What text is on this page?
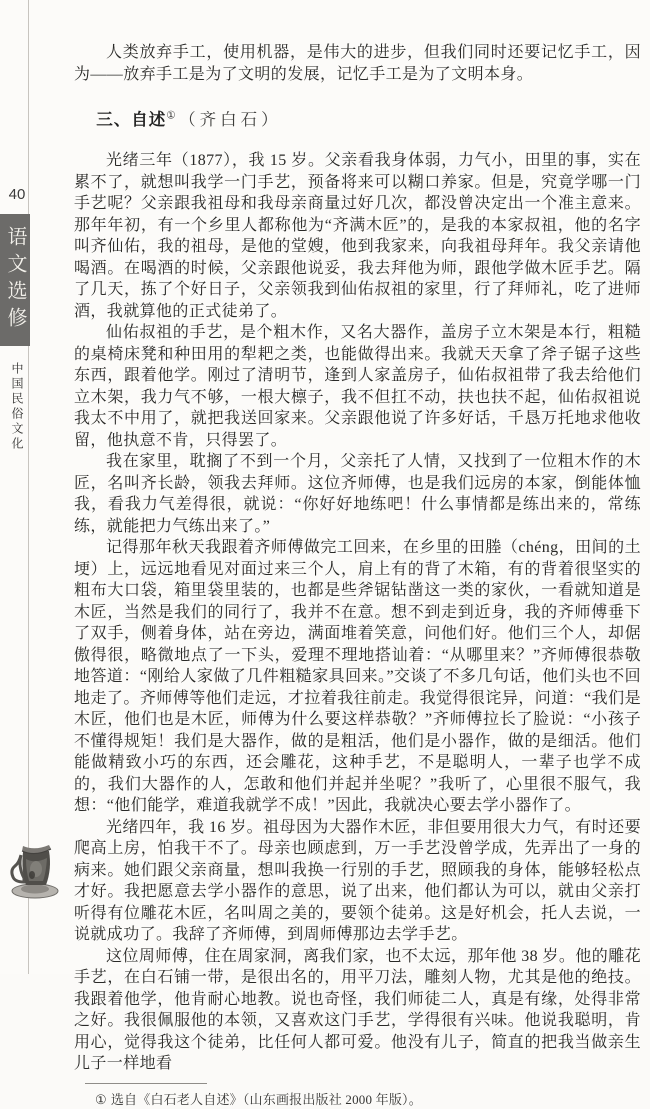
40
语文选修
中国民俗文化

人类放弃手工，使用机器，是伟大的进步，但我们同时还要记忆手工，因为——放弃手工是为了文明的发展，记忆手工是为了文明本身。

三、自述① （齐白石）

光绪三年（1877），我 15 岁。父亲看我身体弱，力气小，田里的事，实在累不了，就想叫我学一门手艺，预备将来可以糊口养家。但是，究竟学哪一门手艺呢？父亲跟我祖母和我母亲商量过好几次，都没曾决定出一个准主意来。那年年初，有一个乡里人都称他为“齐满木匠”的，是我的本家叔祖，他的名字叫齐仙佑，我的祖母，是他的堂嫂，他到我家来，向我祖母拜年。我父亲请他喝酒。在喝酒的时候，父亲跟他说妥，我去拜他为师，跟他学做木匠手艺。隔了几天，拣了个好日子，父亲领我到仙佑叔祖的家里，行了拜师礼，吃了进师酒，我就算他的正式徒弟了。

仙佑叔祖的手艺，是个粗木作，又名大器作，盖房子立木架是本行，粗糙的桌椅床凳和种田用的犁耙之类，也能做得出来。我就天天拿了斧子锯子这些东西，跟着他学。刚过了清明节，逢到人家盖房子，仙佑叔祖带了我去给他们立木架，我力气不够，一根大檩子，我不但扛不动，扶也扶不起，仙佑叔祖说我太不中用了，就把我送回家来。父亲跟他说了许多好话，千恳万托地求他收留，他执意不肯，只得罢了。

我在家里，耽搁了不到一个月，父亲托了人情，又找到了一位粗木作的木匠，名叫齐长龄，领我去拜师。这位齐师傅，也是我们远房的本家，倒能体恤我，看我力气差得很，就说：“你好好地练吧！什么事情都是练出来的，常练练，就能把力气练出来了。”

记得那年秋天我跟着齐师傅做完工回来，在乡里的田塍（chéng，田间的土埂）上，远远地看见对面过来三个人，肩上有的背了木箱，有的背着很坚实的粗布大口袋，箱里袋里装的，也都是些斧锯钻凿这一类的家伙，一看就知道是木匠，当然是我们的同行了，我并不在意。想不到走到近身，我的齐师傅垂下了双手，侧着身体，站在旁边，满面堆着笑意，问他们好。他们三个人，却倨傲得很，略微地点了一下头，爱理不理地搭讪着：“从哪里来？”齐师傅很恭敬地答道：“刚给人家做了几件粗糙家具回来。”交谈了不多几句话，他们头也不回地走了。齐师傅等他们走远，才拉着我往前走。我觉得很诧异，问道：“我们是木匠，他们也是木匠，师傅为什么要这样恭敬？”齐师傅拉长了脸说：“小孩子不懂得规矩！我们是大器作，做的是粗活，他们是小器作，做的是细活。他们能做精致小巧的东西，还会雕花，这种手艺，不是聪明人，一辈子也学不成的，我们大器作的人，怎敢和他们并起并坐呢？”我听了，心里很不服气，我想：“他们能学，难道我就学不成！”因此，我就决心要去学小器作了。

光绪四年，我 16 岁。祖母因为大器作木匠，非但要用很大力气，有时还要爬高上房，怕我干不了。母亲也顾虑到，万一手艺没曾学成，先弄出了一身的病来。她们跟父亲商量，想叫我换一行别的手艺，照顾我的身体，能够轻松点才好。我把愿意去学小器作的意思，说了出来，他们都认为可以，就由父亲打听得有位雕花木匠，名叫周之美的，要领个徒弟。这是好机会，托人去说，一说就成功了。我辞了齐师傅，到周师傅那边去学手艺。

这位周师傅，住在周家洞，离我们家，也不太远，那年他 38 岁。他的雕花手艺，在白石铺一带，是很出名的，用平刀法，雕刻人物，尤其是他的绝技。我跟着他学，他肯耐心地教。说也奇怪，我们师徒二人，真是有缘，处得非常之好。我很佩服他的本领，又喜欢这门手艺，学得很有兴味。他说我聪明，肯用心，觉得我这个徒弟，比任何人都可爱。他没有儿子，简直的把我当做亲生儿子一样地看

① 选自《白石老人自述》（山东画报出版社 2000 年版）。
